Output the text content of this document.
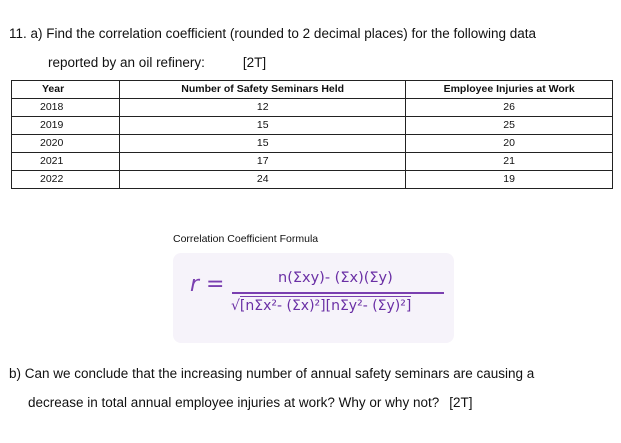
11. a) Find the correlation coefficient (rounded to 2 decimal places) for the following data
reported by an oil refinery:	[2T]
Year	Number of Safety Seminars Held	Employee Injuries at Work
2018	12	26
2019	15	25
2020	15	20
2021	17	21
2022	24	19
Correlation Coefficient Formula
r =	n(Σxy)- (Σx)(Σy)
√[nΣx²- (Σx)²][nΣy²- (Σy)²]
b) Can we conclude that the increasing number of annual safety seminars are causing a
decrease in total annual employee injuries at work? Why or why not? [2T]
